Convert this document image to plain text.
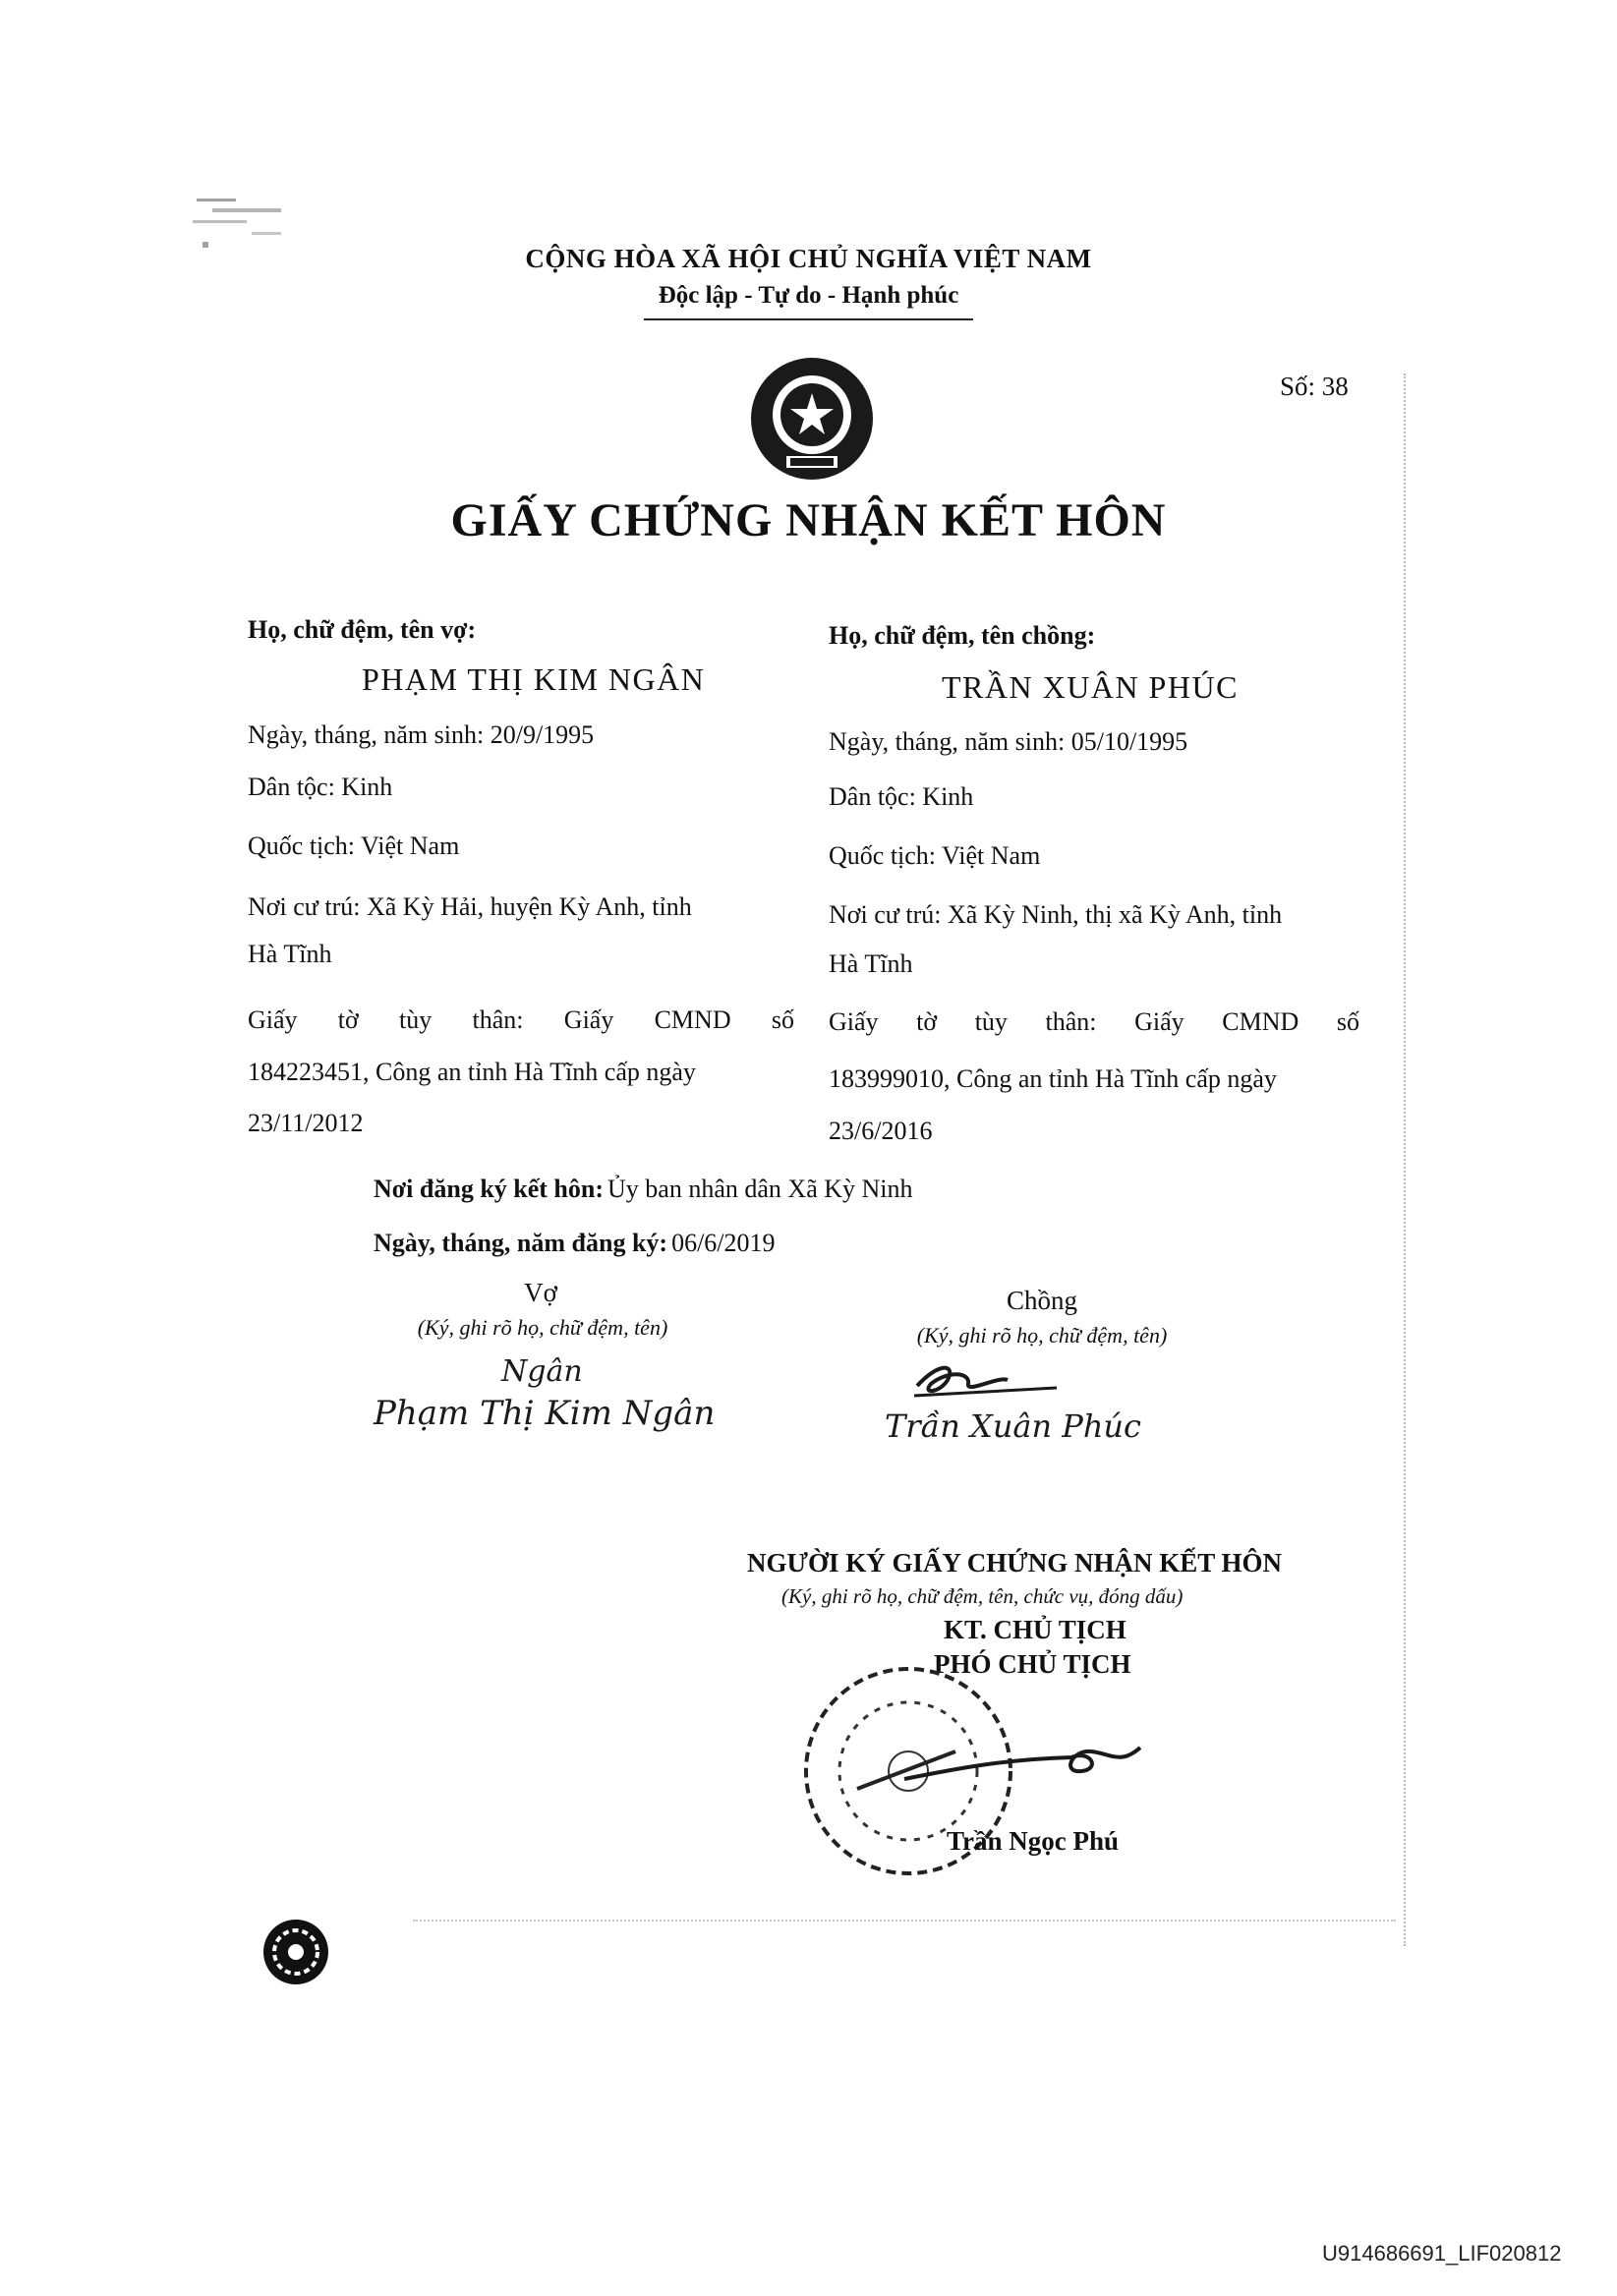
CỘNG HÒA XÃ HỘI CHỦ NGHĨA VIỆT NAM
Độc lập - Tự do - Hạnh phúc
Số: 38
GIẤY CHỨNG NHẬN KẾT HÔN
Họ, chữ đệm, tên vợ:
PHẠM THỊ KIM NGÂN
Ngày, tháng, năm sinh: 20/9/1995
Dân tộc: Kinh
Quốc tịch: Việt Nam
Nơi cư trú: Xã Kỳ Hải, huyện Kỳ Anh, tỉnh
Hà Tĩnh
Giấy tờ tùy thân: Giấy CMND số
184223451, Công an tỉnh Hà Tĩnh cấp ngày
23/11/2012
Họ, chữ đệm, tên chồng:
TRẦN XUÂN PHÚC
Ngày, tháng, năm sinh: 05/10/1995
Dân tộc: Kinh
Quốc tịch: Việt Nam
Nơi cư trú: Xã Kỳ Ninh, thị xã Kỳ Anh, tỉnh
Hà Tĩnh
Giấy tờ tùy thân: Giấy CMND số
183999010, Công an tỉnh Hà Tĩnh cấp ngày
23/6/2016
Nơi đăng ký kết hôn: Ủy ban nhân dân Xã Kỳ Ninh
Ngày, tháng, năm đăng ký: 06/6/2019
Vợ
(Ký, ghi rõ họ, chữ đệm, tên)
Ngân
Phạm Thị Kim Ngân
Chồng
(Ký, ghi rõ họ, chữ đệm, tên)
Trần Xuân Phúc
NGƯỜI KÝ GIẤY CHỨNG NHẬN KẾT HÔN
(Ký, ghi rõ họ, chữ đệm, tên, chức vụ, đóng dấu)
KT. CHỦ TỊCH
PHÓ CHỦ TỊCH
Trần Ngọc Phú
U914686691_LIF020812
